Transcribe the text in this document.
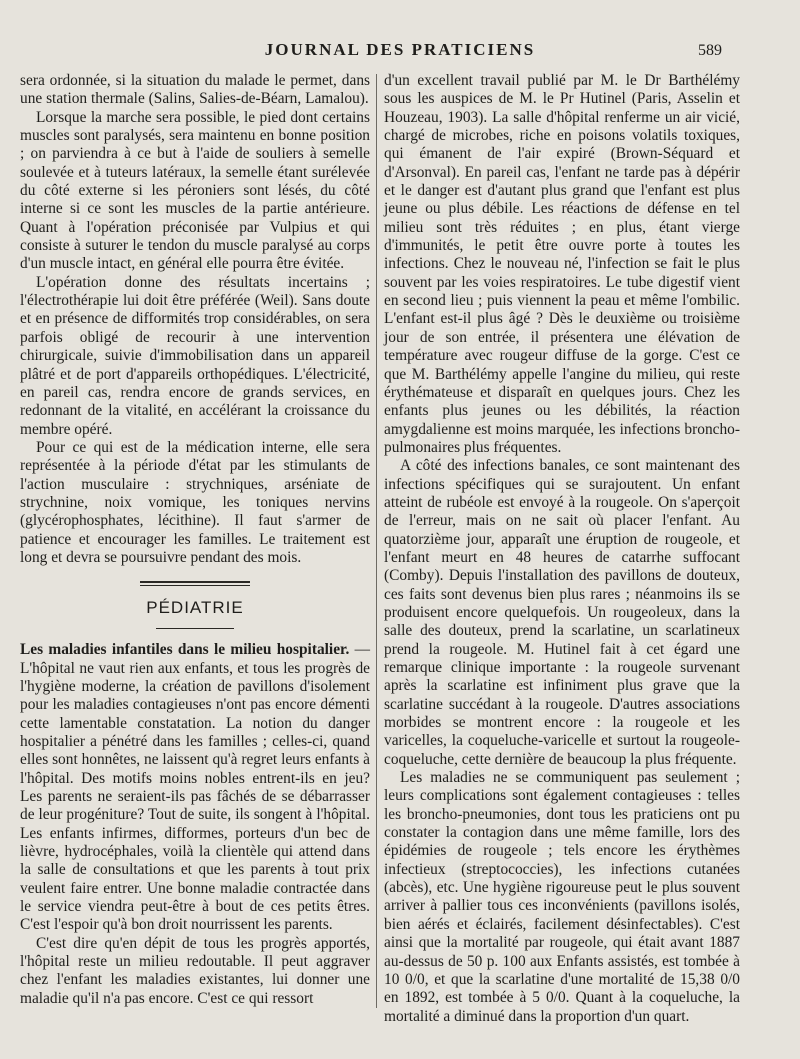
JOURNAL DES PRATICIENS	589

sera ordonnée, si la situation du malade le permet, dans une station thermale (Salins, Salies-de-Béarn, Lamalou).

Lorsque la marche sera possible, le pied dont certains muscles sont paralysés, sera maintenu en bonne position ; on parviendra à ce but à l'aide de souliers à semelle soulevée et à tuteurs latéraux, la semelle étant surélevée du côté externe si les péroniers sont lésés, du côté interne si ce sont les muscles de la partie antérieure. Quant à l'opération préconisée par Vulpius et qui consiste à suturer le tendon du muscle paralysé au corps d'un muscle intact, en général elle pourra être évitée.

L'opération donne des résultats incertains ; l'électrothérapie lui doit être préférée (Weil). Sans doute et en présence de difformités trop considérables, on sera parfois obligé de recourir à une intervention chirurgicale, suivie d'immobilisation dans un appareil plâtré et de port d'appareils orthopédiques. L'électricité, en pareil cas, rendra encore de grands services, en redonnant de la vitalité, en accélérant la croissance du membre opéré.

Pour ce qui est de la médication interne, elle sera représentée à la période d'état par les stimulants de l'action musculaire : strychniques, arséniate de strychnine, noix vomique, les toniques nervins (glycérophosphates, lécithine). Il faut s'armer de patience et encourager les familles. Le traitement est long et devra se poursuivre pendant des mois.

PÉDIATRIE

Les maladies infantiles dans le milieu hospitalier. — L'hôpital ne vaut rien aux enfants, et tous les progrès de l'hygiène moderne, la création de pavillons d'isolement pour les maladies contagieuses n'ont pas encore démenti cette lamentable constatation. La notion du danger hospitalier a pénétré dans les familles ; celles-ci, quand elles sont honnêtes, ne laissent qu'à regret leurs enfants à l'hôpital. Des motifs moins nobles entrent-ils en jeu? Les parents ne seraient-ils pas fâchés de se débarrasser de leur progéniture? Tout de suite, ils songent à l'hôpital. Les enfants infirmes, difformes, porteurs d'un bec de lièvre, hydrocéphales, voilà la clientèle qui attend dans la salle de consultations et que les parents à tout prix veulent faire entrer. Une bonne maladie contractée dans le service viendra peut-être à bout de ces petits êtres. C'est l'espoir qu'à bon droit nourrissent les parents.

C'est dire qu'en dépit de tous les progrès apportés, l'hôpital reste un milieu redoutable. Il peut aggraver chez l'enfant les maladies existantes, lui donner une maladie qu'il n'a pas encore. C'est ce qui ressort

d'un excellent travail publié par M. le Dr Barthélémy sous les auspices de M. le Pr Hutinel (Paris, Asselin et Houzeau, 1903). La salle d'hôpital renferme un air vicié, chargé de microbes, riche en poisons volatils toxiques, qui émanent de l'air expiré (Brown-Séquard et d'Arsonval). En pareil cas, l'enfant ne tarde pas à dépérir et le danger est d'autant plus grand que l'enfant est plus jeune ou plus débile. Les réactions de défense en tel milieu sont très réduites ; en plus, étant vierge d'immunités, le petit être ouvre porte à toutes les infections. Chez le nouveau né, l'infection se fait le plus souvent par les voies respiratoires. Le tube digestif vient en second lieu ; puis viennent la peau et même l'ombilic. L'enfant est-il plus âgé ? Dès le deuxième ou troisième jour de son entrée, il présentera une élévation de température avec rougeur diffuse de la gorge. C'est ce que M. Barthélémy appelle l'angine du milieu, qui reste érythémateuse et disparaît en quelques jours. Chez les enfants plus jeunes ou les débilités, la réaction amygdalienne est moins marquée, les infections broncho-pulmonaires plus fréquentes.

A côté des infections banales, ce sont maintenant des infections spécifiques qui se surajoutent. Un enfant atteint de rubéole est envoyé à la rougeole. On s'aperçoit de l'erreur, mais on ne sait où placer l'enfant. Au quatorzième jour, apparaît une éruption de rougeole, et l'enfant meurt en 48 heures de catarrhe suffocant (Comby). Depuis l'installation des pavillons de douteux, ces faits sont devenus bien plus rares ; néanmoins ils se produisent encore quelquefois. Un rougeoleux, dans la salle des douteux, prend la scarlatine, un scarlatineux prend la rougeole. M. Hutinel fait à cet égard une remarque clinique importante : la rougeole survenant après la scarlatine est infiniment plus grave que la scarlatine succédant à la rougeole. D'autres associations morbides se montrent encore : la rougeole et les varicelles, la coqueluche-varicelle et surtout la rougeole-coqueluche, cette dernière de beaucoup la plus fréquente.

Les maladies ne se communiquent pas seulement ; leurs complications sont également contagieuses : telles les broncho-pneumonies, dont tous les praticiens ont pu constater la contagion dans une même famille, lors des épidémies de rougeole ; tels encore les érythèmes infectieux (streptococcies), les infections cutanées (abcès), etc. Une hygiène rigoureuse peut le plus souvent arriver à pallier tous ces inconvénients (pavillons isolés, bien aérés et éclairés, facilement désinfectables). C'est ainsi que la mortalité par rougeole, qui était avant 1887 au-dessus de 50 p. 100 aux Enfants assistés, est tombée à 10 0/0, et que la scarlatine d'une mortalité de 15,38 0/0 en 1892, est tombée à 5 0/0. Quant à la coqueluche, la mortalité a diminué dans la proportion d'un quart.
